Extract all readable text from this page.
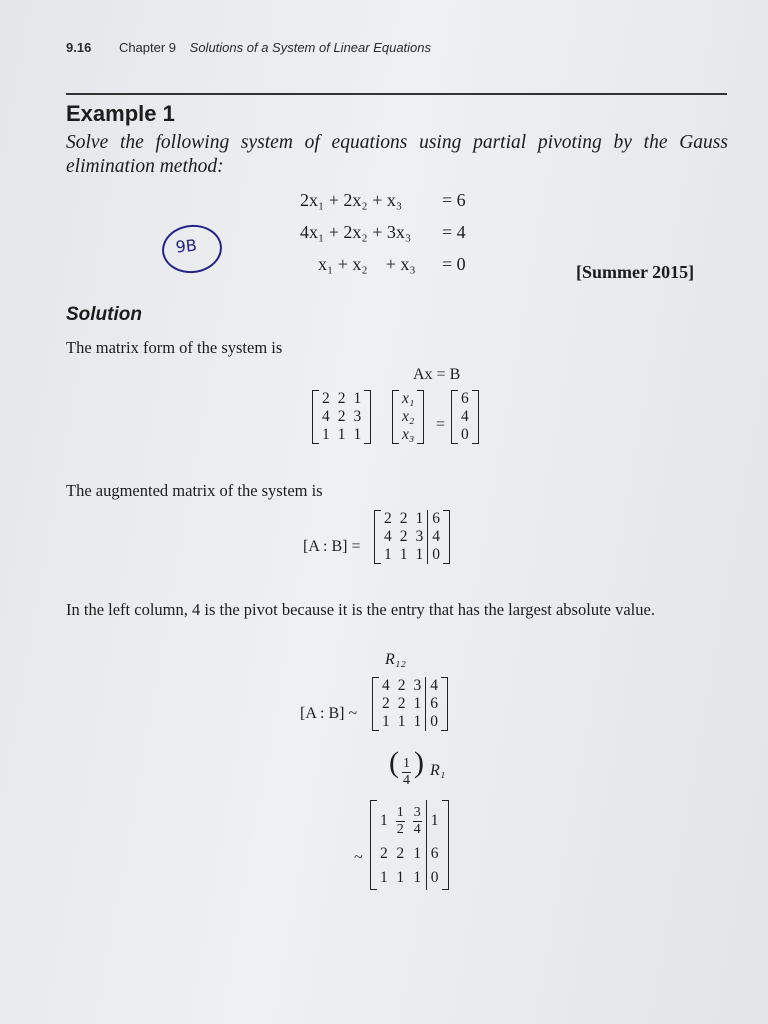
9.16 Chapter 9 Solutions of a System of Linear Equations
Example 1
Solve the following system of equations using partial pivoting by the Gauss elimination method:
2x₁ + 2x₂ + x₃ = 6
4x₁ + 2x₂ + 3x₃ = 4
x₁ + x₂    + x₃ = 0
9B
[Summer 2015]
Solution
The matrix form of the system is
Ax = B
2	2	1
4	2	3
1	1	1
x₁
x₂
x₃
=
6
4
0
The augmented matrix of the system is
[A : B] =
2	2	1	6
4	2	3	4
1	1	1	0
In the left column, 4 is the pivot because it is the entry that has the largest absolute value.
R₁₂
[A : B] ~
4	2	3	4
2	2	1	6
1	1	1	0
( $\frac{1}{4}$ ) R₁
~
1	$\frac{1}{2}$	$\frac{3}{4}$	1
2	2	1	6
1	1	1	0
